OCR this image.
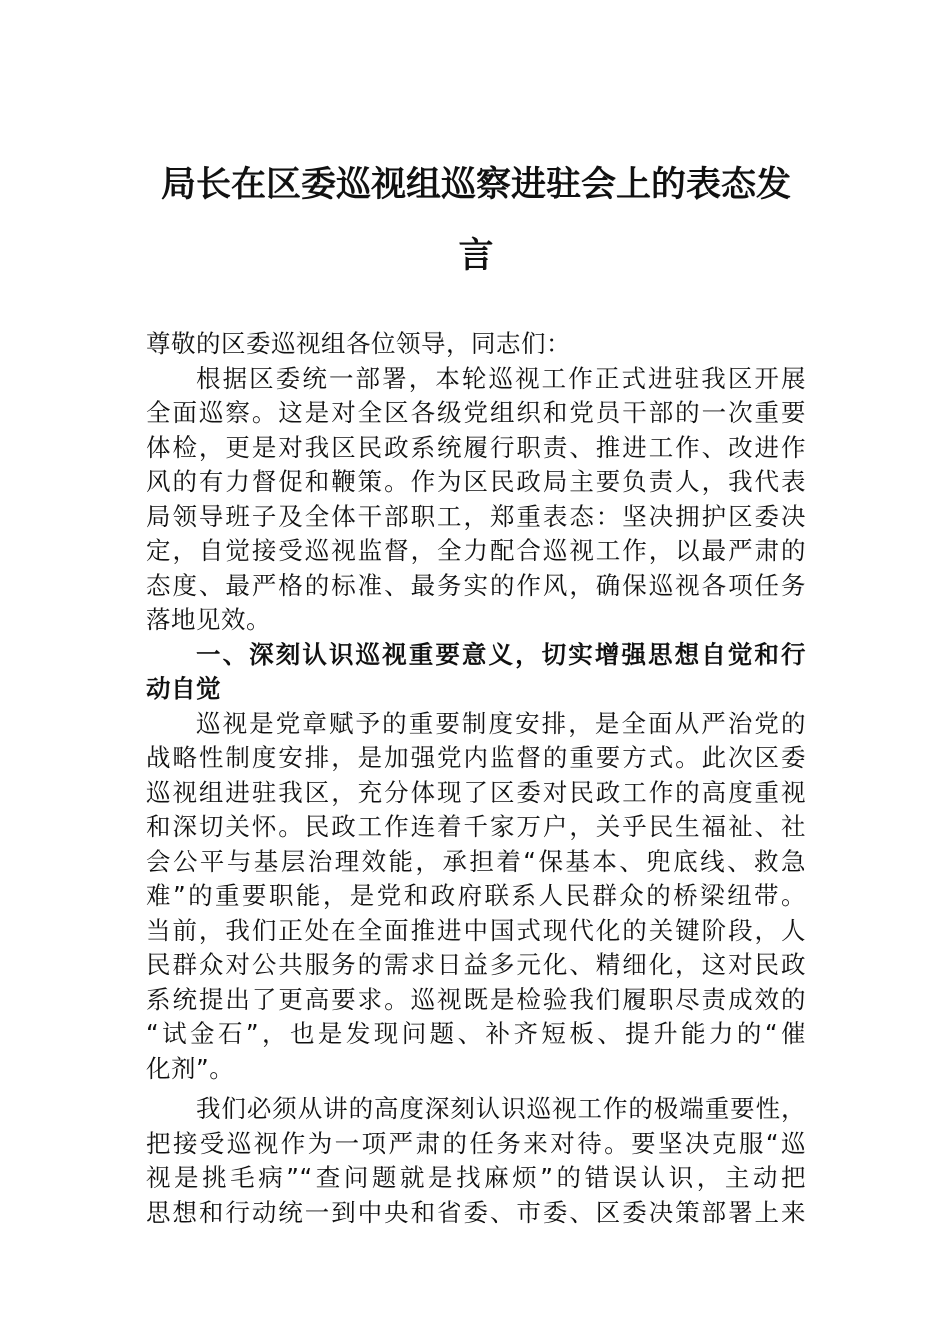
局长在区委巡视组巡察进驻会上的表态发
言
尊敬的区委巡视组各位领导，同志们：
根据区委统一部署，本轮巡视工作正式进驻我区开展
全面巡察。这是对全区各级党组织和党员干部的一次重要
体检，更是对我区民政系统履行职责、推进工作、改进作
风的有力督促和鞭策。作为区民政局主要负责人，我代表
局领导班子及全体干部职工，郑重表态：坚决拥护区委决
定，自觉接受巡视监督，全力配合巡视工作，以最严肃的
态度、最严格的标准、最务实的作风，确保巡视各项任务
落地见效。
一、深刻认识巡视重要意义，切实增强思想自觉和行
动自觉
巡视是党章赋予的重要制度安排，是全面从严治党的
战略性制度安排，是加强党内监督的重要方式。此次区委
巡视组进驻我区，充分体现了区委对民政工作的高度重视
和深切关怀。民政工作连着千家万户，关乎民生福祉、社
会公平与基层治理效能，承担着“保基本、兜底线、救急
难”的重要职能，是党和政府联系人民群众的桥梁纽带。
当前，我们正处在全面推进中国式现代化的关键阶段，人
民群众对公共服务的需求日益多元化、精细化，这对民政
系统提出了更高要求。巡视既是检验我们履职尽责成效的
“试金石”，也是发现问题、补齐短板、提升能力的“催
化剂”。
我们必须从讲的高度深刻认识巡视工作的极端重要性，
把接受巡视作为一项严肃的任务来对待。要坚决克服“巡
视是挑毛病”“查问题就是找麻烦”的错误认识，主动把
思想和行动统一到中央和省委、市委、区委决策部署上来
